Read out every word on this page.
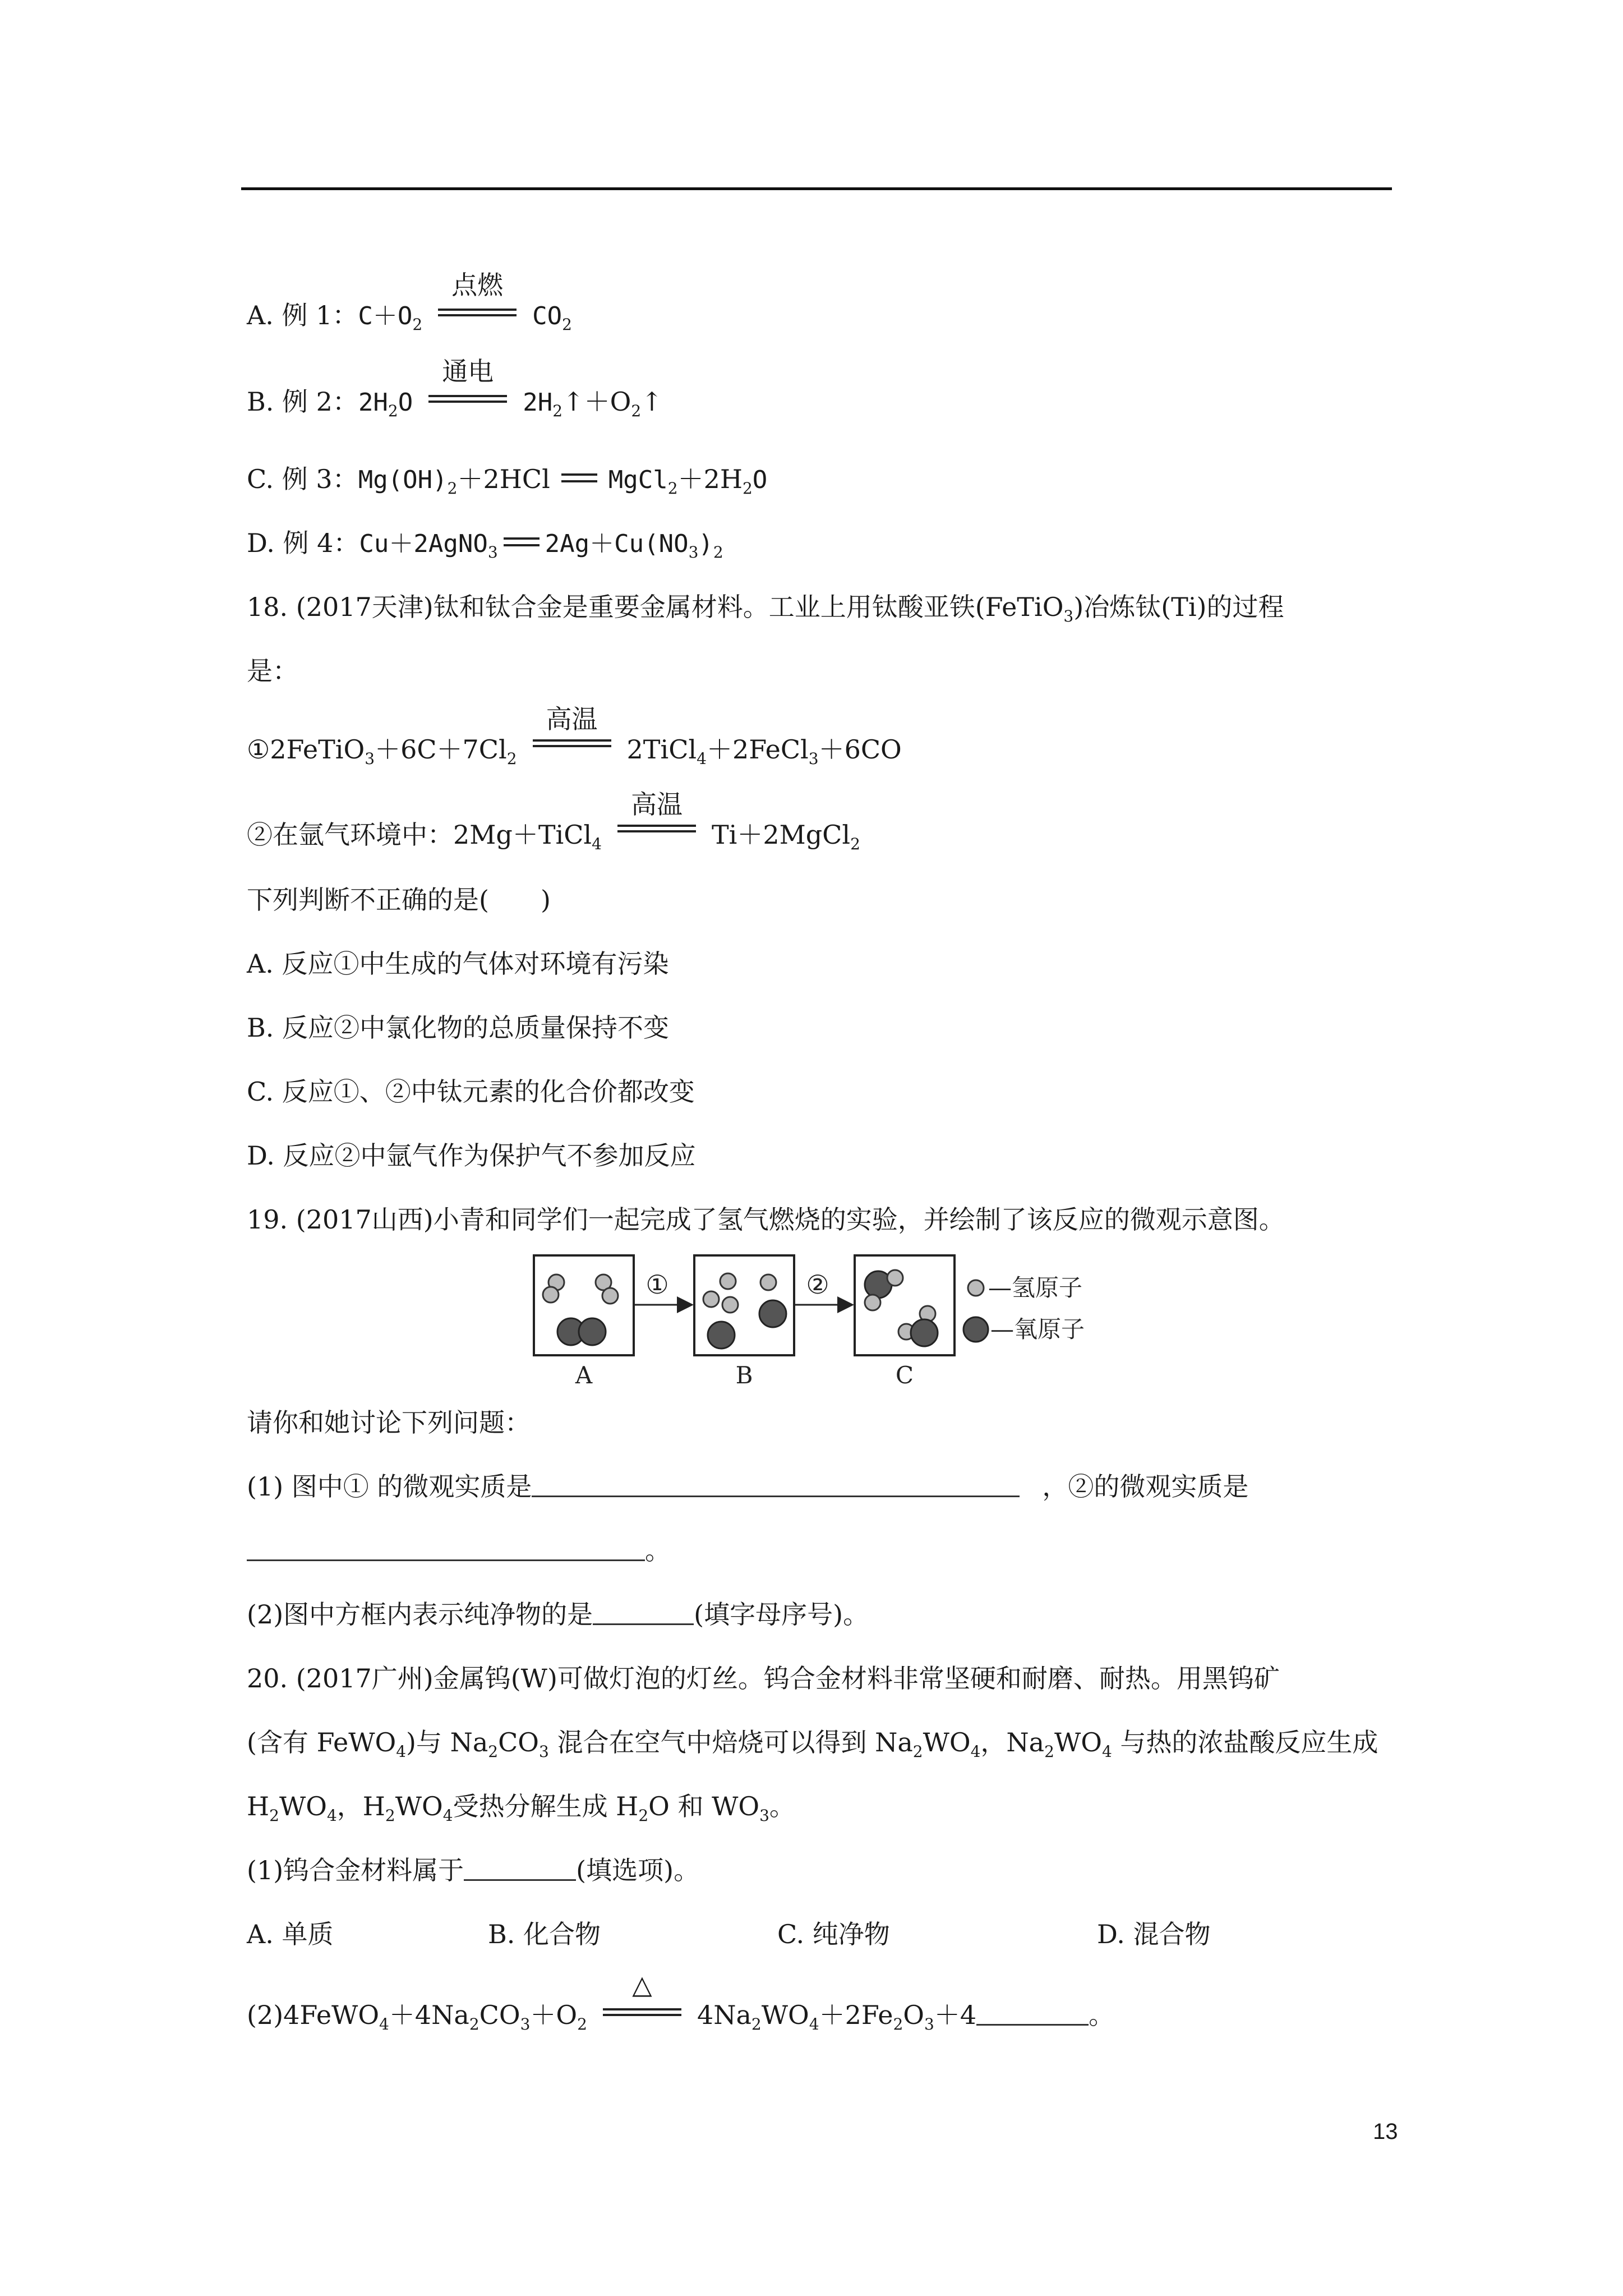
A. 例 1：$C+O_2$
点燃
$CO_2$
B. 例 2：$2H_2O$
通电
$2H_2↑+O_2↑$
C. 例 3：$Mg(OH)_2+2HCl$ $MgCl_2+2H_2O$
D. 例 4：Cu＋2AgNO$_3$ $2Ag+Cu(NO_3)_2$
18. (2017天津)钛和钛合金是重要金属材料。工业上用钛酸亚铁(FeTiO$_3$)冶炼钛(Ti)的过程
是：
$①2FeTiO_3+6C+7Cl_2$
高温
2TiCl$_4$＋2FeCl$_3$＋6CO
②在氩气环境中：2Mg＋TiCl$_4$
高温
Ti＋2MgCl$_2$
下列判断不正确的是(　　)
A. 反应①中生成的气体对环境有污染
B. 反应②中氯化物的总质量保持不变
C. 反应①、②中钛元素的化合价都改变
D. 反应②中氩气作为保护气不参加反应
19. (2017山西)小青和同学们一起完成了氢气燃烧的实验，并绘制了该反应的微观示意图。
①	②
A	B	C
—氢原子
—氧原子
请你和她讨论下列问题：
(1) 图中① 的微观实质是	，②的微观实质是
。
(2)图中方框内表示纯净物的是	(填字母序号)。
20. (2017广州)金属钨(W)可做灯泡的灯丝。钨合金材料非常坚硬和耐磨、耐热。用黑钨矿
(含有 FeWO$_4$)与 $Na_2CO_3$ 混合在空气中焙烧可以得到 $Na_2WO_4$，$Na_2WO_4$ 与热的浓盐酸反应生成
$H_2WO_4$，$H_2WO_4$受热分解生成 $H_2O$ 和 $WO_3$。
(1)钨合金材料属于	(填选项)。
A. 单质	B. 化合物	C. 纯净物	D. 混合物
$(2)4FeWO_4+4Na_2CO_3+O_2$
△
$4Na_2WO_4+2Fe_2O_3+4$	。
13
